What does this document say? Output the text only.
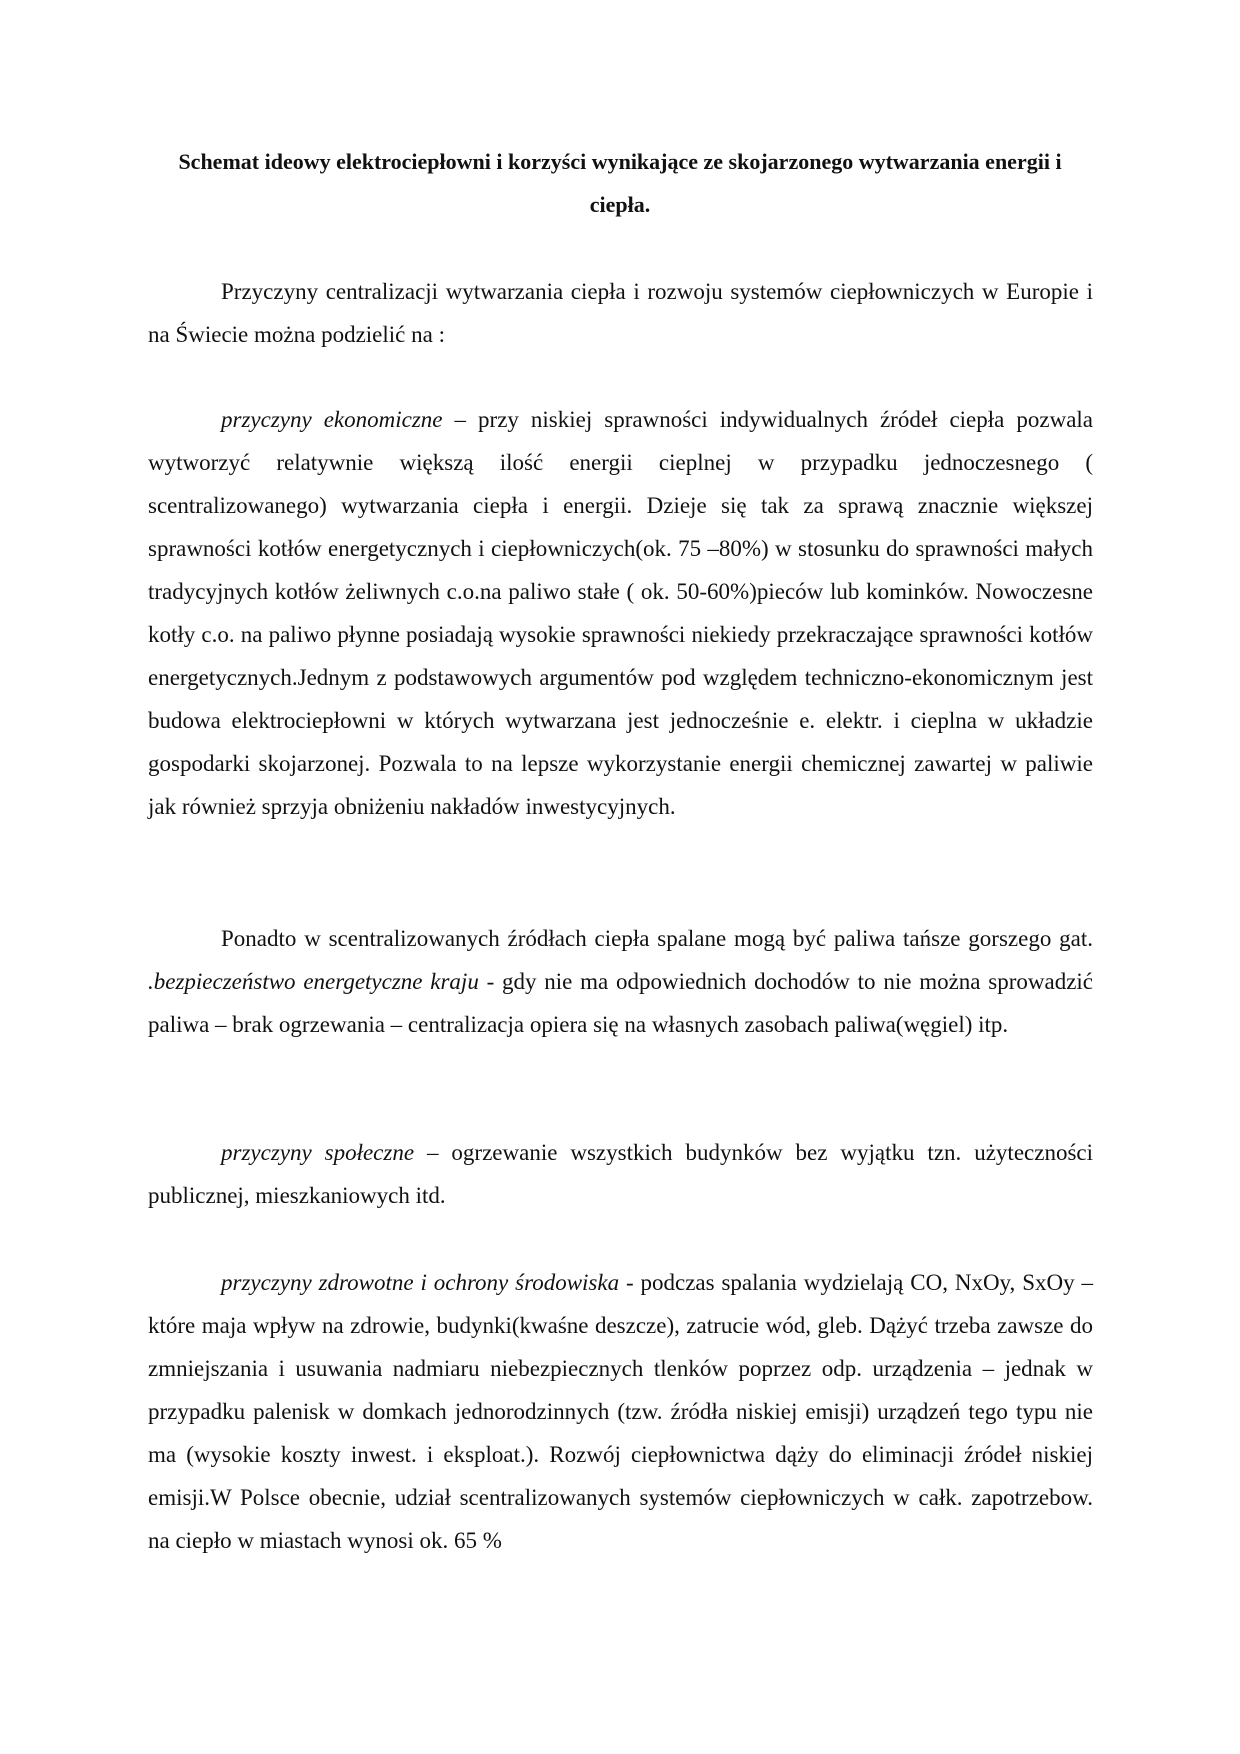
Schemat ideowy elektrociepłowni i korzyści wynikające ze skojarzonego wytwarzania energii i ciepła.

Przyczyny centralizacji wytwarzania ciepła i rozwoju systemów ciepłowniczych w Europie i na Świecie można podzielić na :

przyczyny ekonomiczne – przy niskiej sprawności indywidualnych źródeł ciepła pozwala wytworzyć relatywnie większą ilość energii cieplnej w przypadku jednoczesnego ( scentralizowanego) wytwarzania ciepła i energii. Dzieje się tak za sprawą znacznie większej sprawności kotłów energetycznych i ciepłowniczych(ok. 75 –80%) w stosunku do sprawności małych tradycyjnych kotłów żeliwnych c.o.na paliwo stałe ( ok. 50-60%)pieców lub kominków. Nowoczesne kotły c.o. na paliwo płynne posiadają wysokie sprawności niekiedy przekraczające sprawności kotłów energetycznych.Jednym z podstawowych argumentów pod względem techniczno-ekonomicznym jest budowa elektrociepłowni w których wytwarzana jest jednocześnie e. elektr. i cieplna w układzie gospodarki skojarzonej. Pozwala to na lepsze wykorzystanie energii chemicznej zawartej w paliwie jak również sprzyja obniżeniu nakładów inwestycyjnych.

Ponadto w scentralizowanych źródłach ciepła spalane mogą być paliwa tańsze gorszego gat. .bezpieczeństwo energetyczne kraju - gdy nie ma odpowiednich dochodów to nie można sprowadzić paliwa – brak ogrzewania – centralizacja opiera się na własnych zasobach paliwa(węgiel) itp.

przyczyny społeczne – ogrzewanie wszystkich budynków bez wyjątku tzn. użyteczności publicznej, mieszkaniowych itd.

przyczyny zdrowotne i ochrony środowiska - podczas spalania wydzielają CO, NxOy, SxOy – które maja wpływ na zdrowie, budynki(kwaśne deszcze), zatrucie wód, gleb. Dążyć trzeba zawsze do zmniejszania i usuwania nadmiaru niebezpiecznych tlenków poprzez odp. urządzenia – jednak w przypadku palenisk w domkach jednorodzinnych (tzw. źródła niskiej emisji) urządzeń tego typu nie ma (wysokie koszty inwest. i eksploat.). Rozwój ciepłownictwa dąży do eliminacji źródeł niskiej emisji.W Polsce obecnie, udział scentralizowanych systemów ciepłowniczych w całk. zapotrzebow. na ciepło w miastach wynosi ok. 65 %
